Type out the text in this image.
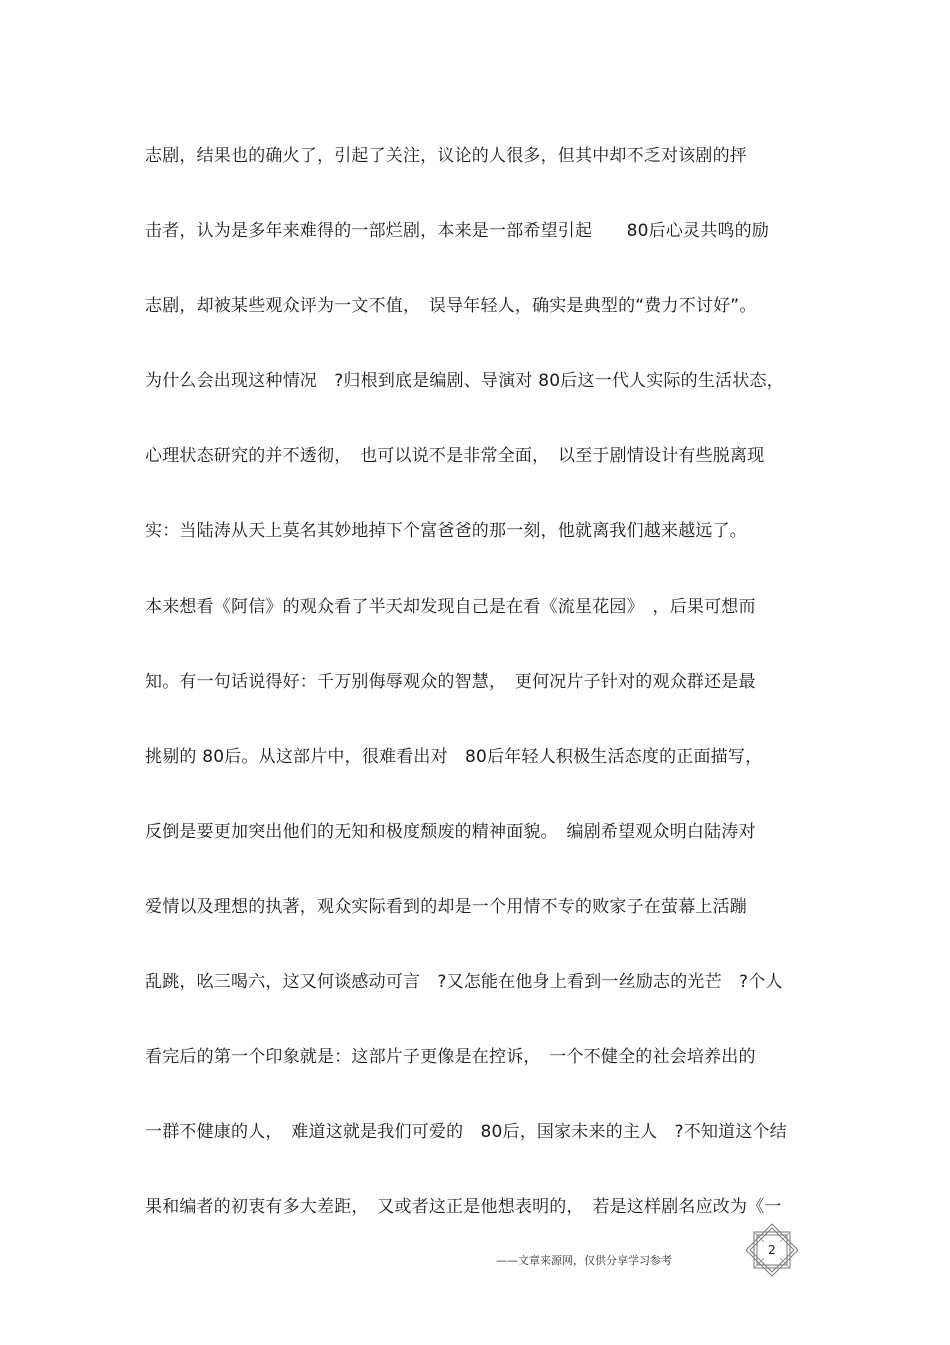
志剧，结果也的确火了，引起了关注，议论的人很多，但其中却不乏对该剧的抨
击者，认为是多年来难得的一部烂剧，本来是一部希望引起　　80后心灵共鸣的励
志剧，却被某些观众评为一文不值，　误导年轻人，确实是典型的“费力不讨好”。
为什么会出现这种情况　?归根到底是编剧、导演对 80后这一代人实际的生活状态，
心理状态研究的并不透彻，　也可以说不是非常全面，　以至于剧情设计有些脱离现
实：当陆涛从天上莫名其妙地掉下个富爸爸的那一刻，他就离我们越来越远了。
本来想看《阿信》的观众看了半天却发现自己是在看《流星花园》　，后果可想而
知。有一句话说得好：千万别侮辱观众的智慧，　更何况片子针对的观众群还是最
挑剔的 80后。从这部片中，很难看出对　80后年轻人积极生活态度的正面描写，
反倒是要更加突出他们的无知和极度颓废的精神面貌。　编剧希望观众明白陆涛对
爱情以及理想的执著，观众实际看到的却是一个用情不专的败家子在萤幕上活蹦
乱跳，吆三喝六，这又何谈感动可言　?又怎能在他身上看到一丝励志的光芒　?个人
看完后的第一个印象就是：这部片子更像是在控诉，　一个不健全的社会培养出的
一群不健康的人，　难道这就是我们可爱的　80后，国家未来的主人　?不知道这个结
果和编者的初衷有多大差距，　又或者这正是他想表明的，　若是这样剧名应改为《一
——文章来源网，仅供分享学习参考
2
